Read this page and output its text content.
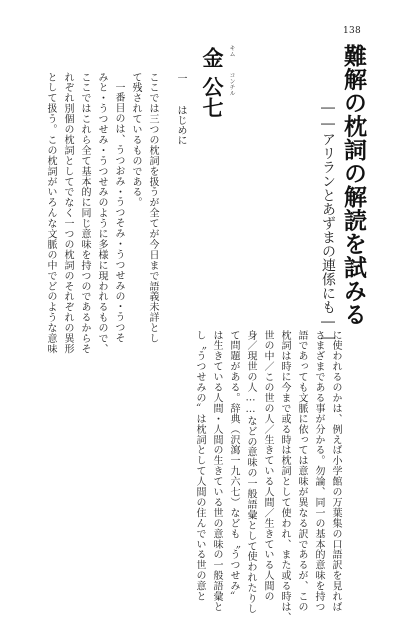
138
難解の枕詞の解読を試みる
――アリランとあずまの連係にも――
キム
コンチル
金公七
一
はじめに
ここでは三つの枕詞を扱うが全てが今日まで語義未詳とし
て残されているものである。
一番目のは、うつおみ・うつそみ・うつせみの・うつそ
みと・うつせみ・うつせみのように多様に現われるもので、
ここではこれら全て基本的に同じ意味を持つのであるからそ
れぞれ別個の枕詞としてでなく一つの枕詞のそれぞれの異形
として扱う。この枕詞がいろんな文脈の中でどのような意味
に使われるのかは、例えば小学館の万葉集の口語訳を見れば
さまざまである事が分かる。勿論、同一の基本的意味を持つ
語であっても文脈に依っては意味が異なる訳であるが、この
枕詞は時に今まで或る時は枕詞として使われ、また或る時は、
世の中／この世の人／生きている人間／生きている人間の
身／現世の人……などの意味の一般語彙として使われたりし
て問題がある。辞典（沢瀉一九六七）なども〝うつせみ〟
は生きている人間・人間の生きている世の意味の一般語彙と
し〝うつせみの〟は枕詞として人間の住んでいる世の意と
